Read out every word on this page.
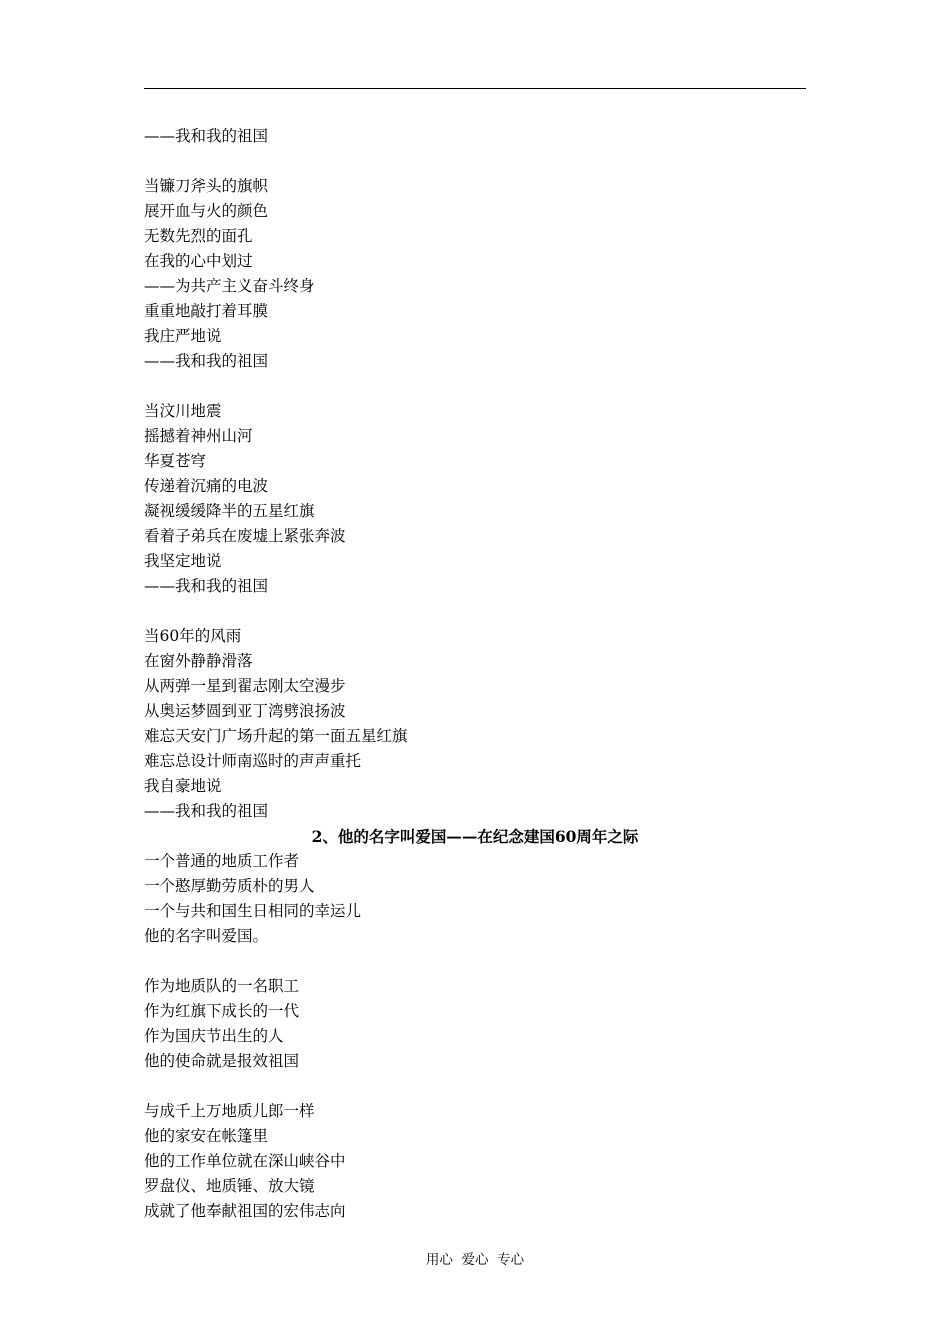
——我和我的祖国
当镰刀斧头的旗帜
展开血与火的颜色
无数先烈的面孔
在我的心中划过
——为共产主义奋斗终身
重重地敲打着耳膜
我庄严地说
——我和我的祖国
当汶川地震
摇撼着神州山河
华夏苍穹
传递着沉痛的电波
凝视缓缓降半的五星红旗
看着子弟兵在废墟上紧张奔波
我坚定地说
——我和我的祖国
当60年的风雨
在窗外静静滑落
从两弹一星到翟志刚太空漫步
从奥运梦圆到亚丁湾劈浪扬波
难忘天安门广场升起的第一面五星红旗
难忘总设计师南巡时的声声重托
我自豪地说
——我和我的祖国
2、他的名字叫爱国——在纪念建国60周年之际
一个普通的地质工作者
一个憨厚勤劳质朴的男人
一个与共和国生日相同的幸运儿
他的名字叫爱国。
作为地质队的一名职工
作为红旗下成长的一代
作为国庆节出生的人
他的使命就是报效祖国
与成千上万地质儿郎一样
他的家安在帐篷里
他的工作单位就在深山峡谷中
罗盘仪、地质锤、放大镜
成就了他奉献祖国的宏伟志向
用心  爱心  专心
